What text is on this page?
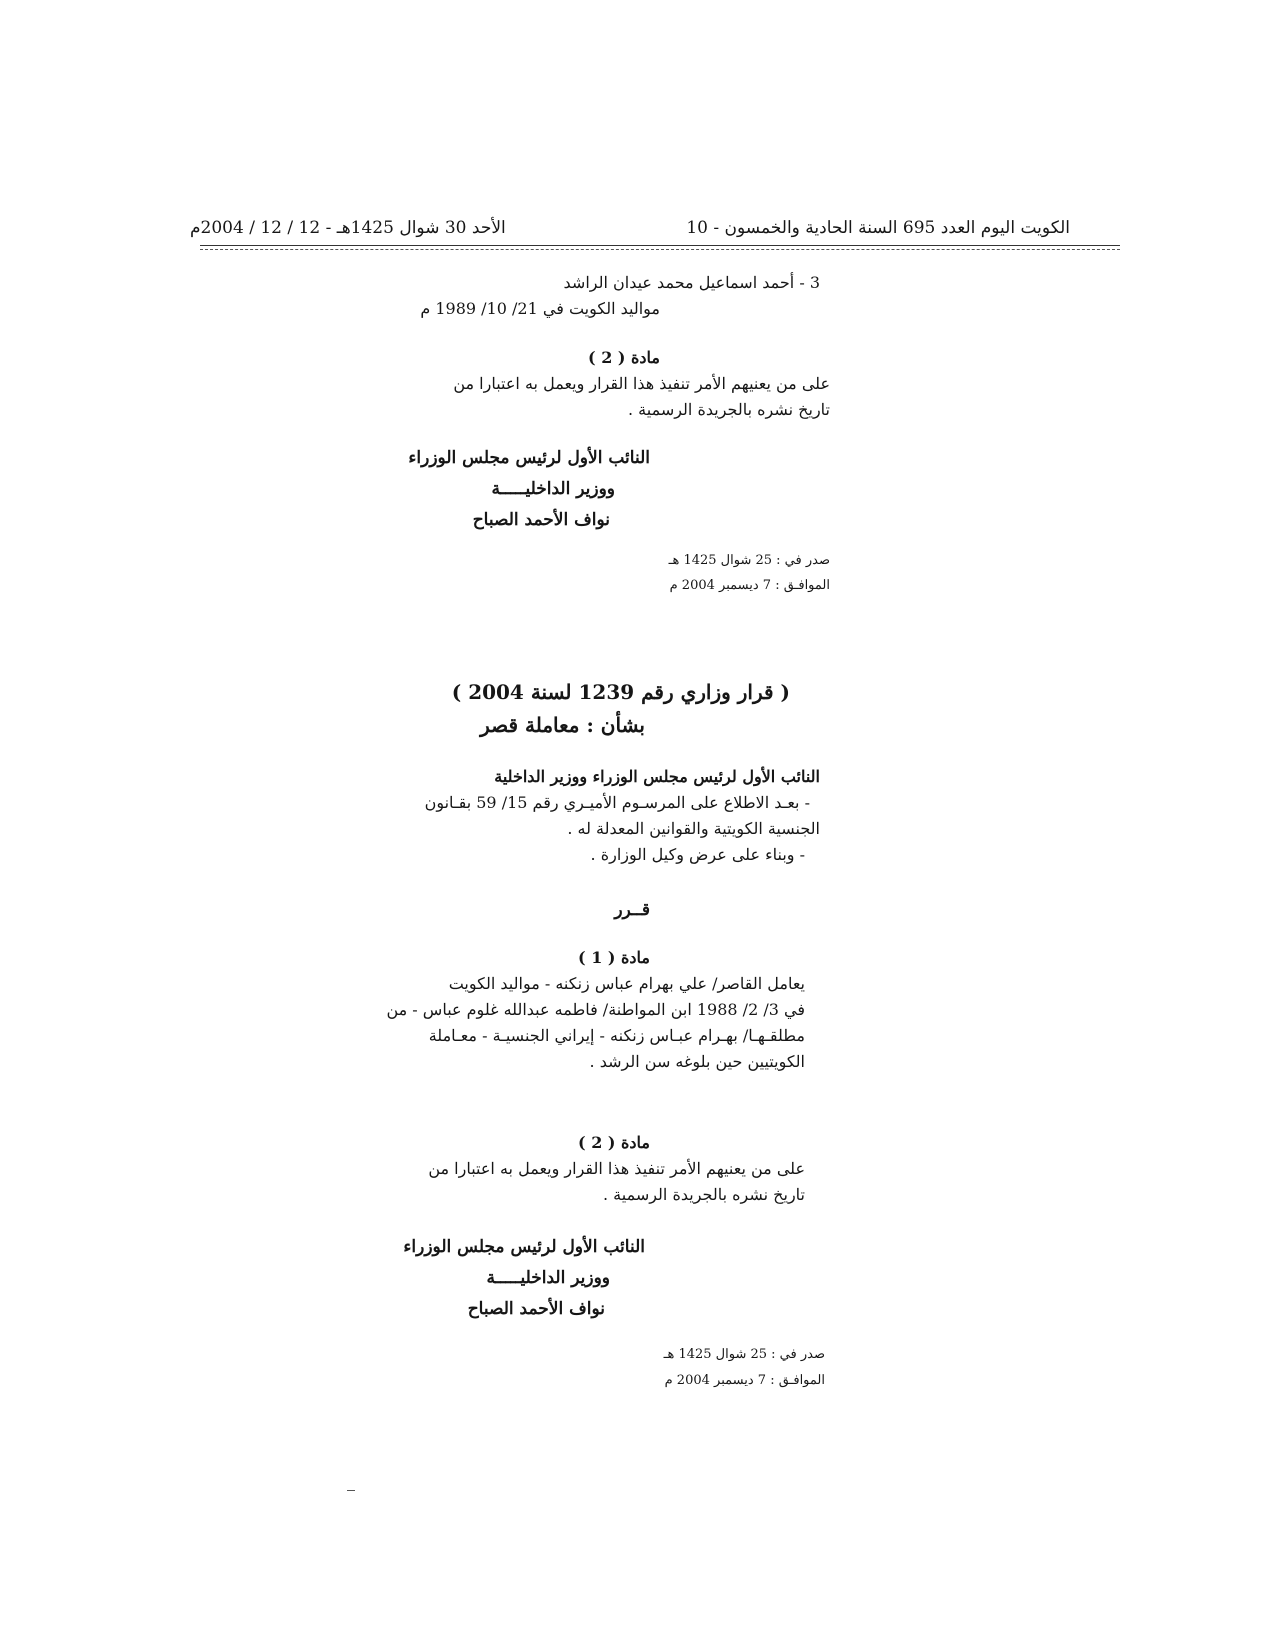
الكويت اليوم العدد 695 السنة الحادية والخمسون - 10
الأحد 30 شوال 1425هـ - 12 / 12 / 2004م
3 - أحمد اسماعيل محمد عيدان الراشد
مواليد الكويت في 21/ 10/ 1989 م
مادة ( 2 )
على من يعنيهم الأمر تنفيذ هذا القرار ويعمل به اعتبارا من
تاريخ نشره بالجريدة الرسمية .
النائب الأول لرئيس مجلس الوزراء
ووزير الداخليـــــة
نواف الأحمد الصباح
صدر في : 25 شوال 1425 هـ
الموافـق : 7 ديسمبر 2004 م
( قرار وزاري رقم 1239 لسنة 2004 )
بشأن : معاملة قصر
النائب الأول لرئيس مجلس الوزراء ووزير الداخلية
- بعـد الاطلاع على المرسـوم الأميـري رقم 15/ 59 بقـانون
الجنسية الكويتية والقوانين المعدلة له .
- وبناء على عرض وكيل الوزارة .
قــرر
مادة ( 1 )
يعامل القاصر/ علي بهرام عباس زنكنه - مواليد الكويت
في 3/ 2/ 1988 ابن المواطنة/ فاطمه عبدالله غلوم عباس - من
مطلقـهـا/ بهـرام عبـاس زنكنه - إيراني الجنسيـة - معـاملة
الكويتيين حين بلوغه سن الرشد .
مادة ( 2 )
على من يعنيهم الأمر تنفيذ هذا القرار ويعمل به اعتبارا من
تاريخ نشره بالجريدة الرسمية .
النائب الأول لرئيس مجلس الوزراء
ووزير الداخليـــــة
نواف الأحمد الصباح
صدر في : 25 شوال 1425 هـ
الموافـق : 7 ديسمبر 2004 م
